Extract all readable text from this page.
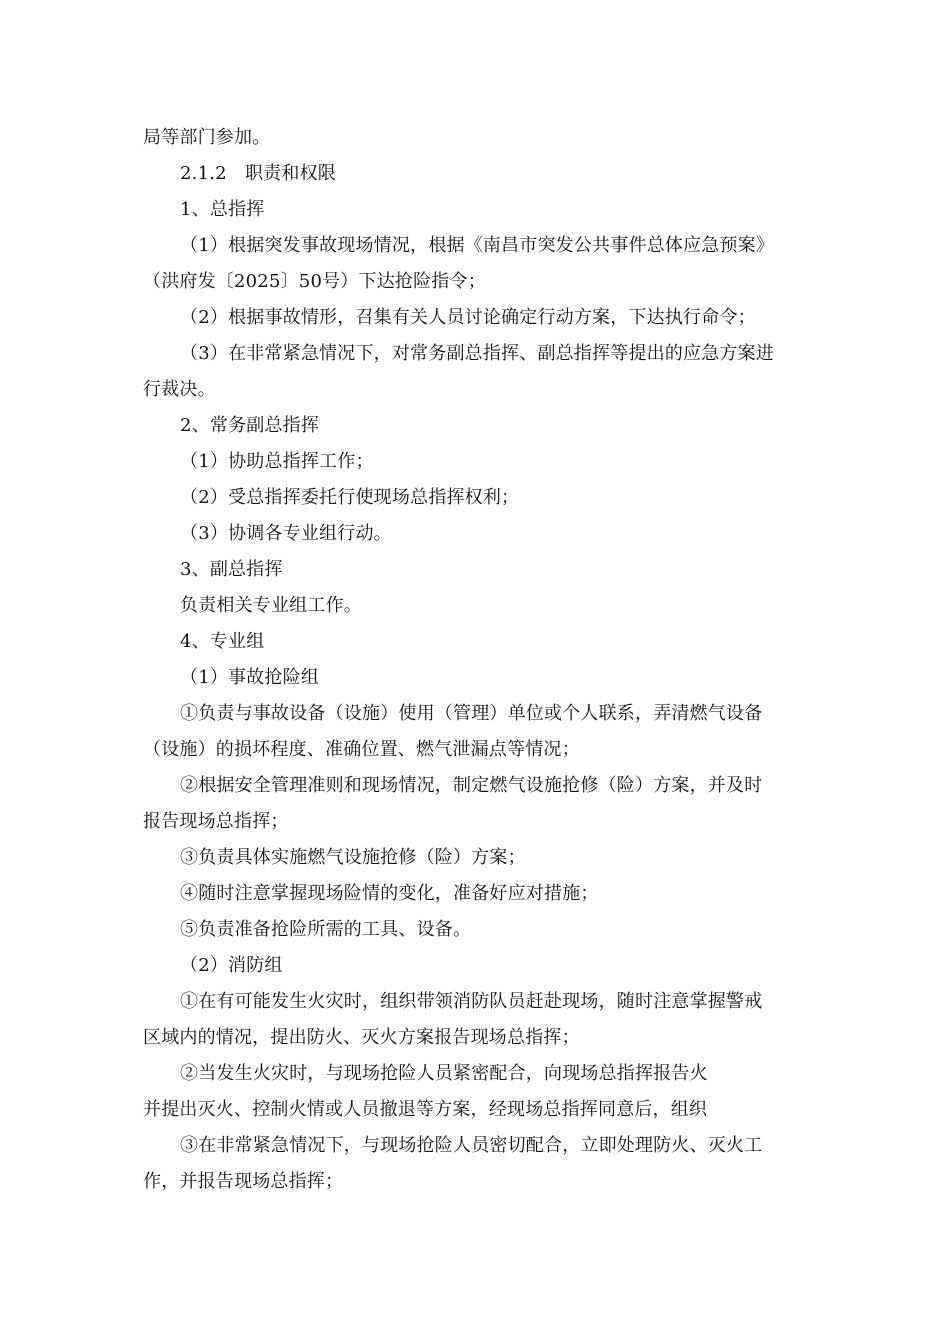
局等部门参加。
2.1.2　职责和权限
1、总指挥
（1）根据突发事故现场情况，根据《南昌市突发公共事件总体应急预案》
（洪府发〔2025〕50号）下达抢险指令；
（2）根据事故情形，召集有关人员讨论确定行动方案，下达执行命令；
（3）在非常紧急情况下，对常务副总指挥、副总指挥等提出的应急方案进
行裁决。
2、常务副总指挥
（1）协助总指挥工作；
（2）受总指挥委托行使现场总指挥权利；
（3）协调各专业组行动。
3、副总指挥
负责相关专业组工作。
4、专业组
（1）事故抢险组
①负责与事故设备（设施）使用（管理）单位或个人联系，弄清燃气设备
（设施）的损坏程度、准确位置、燃气泄漏点等情况；
②根据安全管理准则和现场情况，制定燃气设施抢修（险）方案，并及时
报告现场总指挥；
③负责具体实施燃气设施抢修（险）方案；
④随时注意掌握现场险情的变化，准备好应对措施；
⑤负责准备抢险所需的工具、设备。
（2）消防组
①在有可能发生火灾时，组织带领消防队员赶赴现场，随时注意掌握警戒
区域内的情况，提出防火、灭火方案报告现场总指挥；
②当发生火灾时，与现场抢险人员紧密配合，向现场总指挥报告火
并提出灭火、控制火情或人员撤退等方案，经现场总指挥同意后，组织
③在非常紧急情况下，与现场抢险人员密切配合，立即处理防火、灭火工
作，并报告现场总指挥；
